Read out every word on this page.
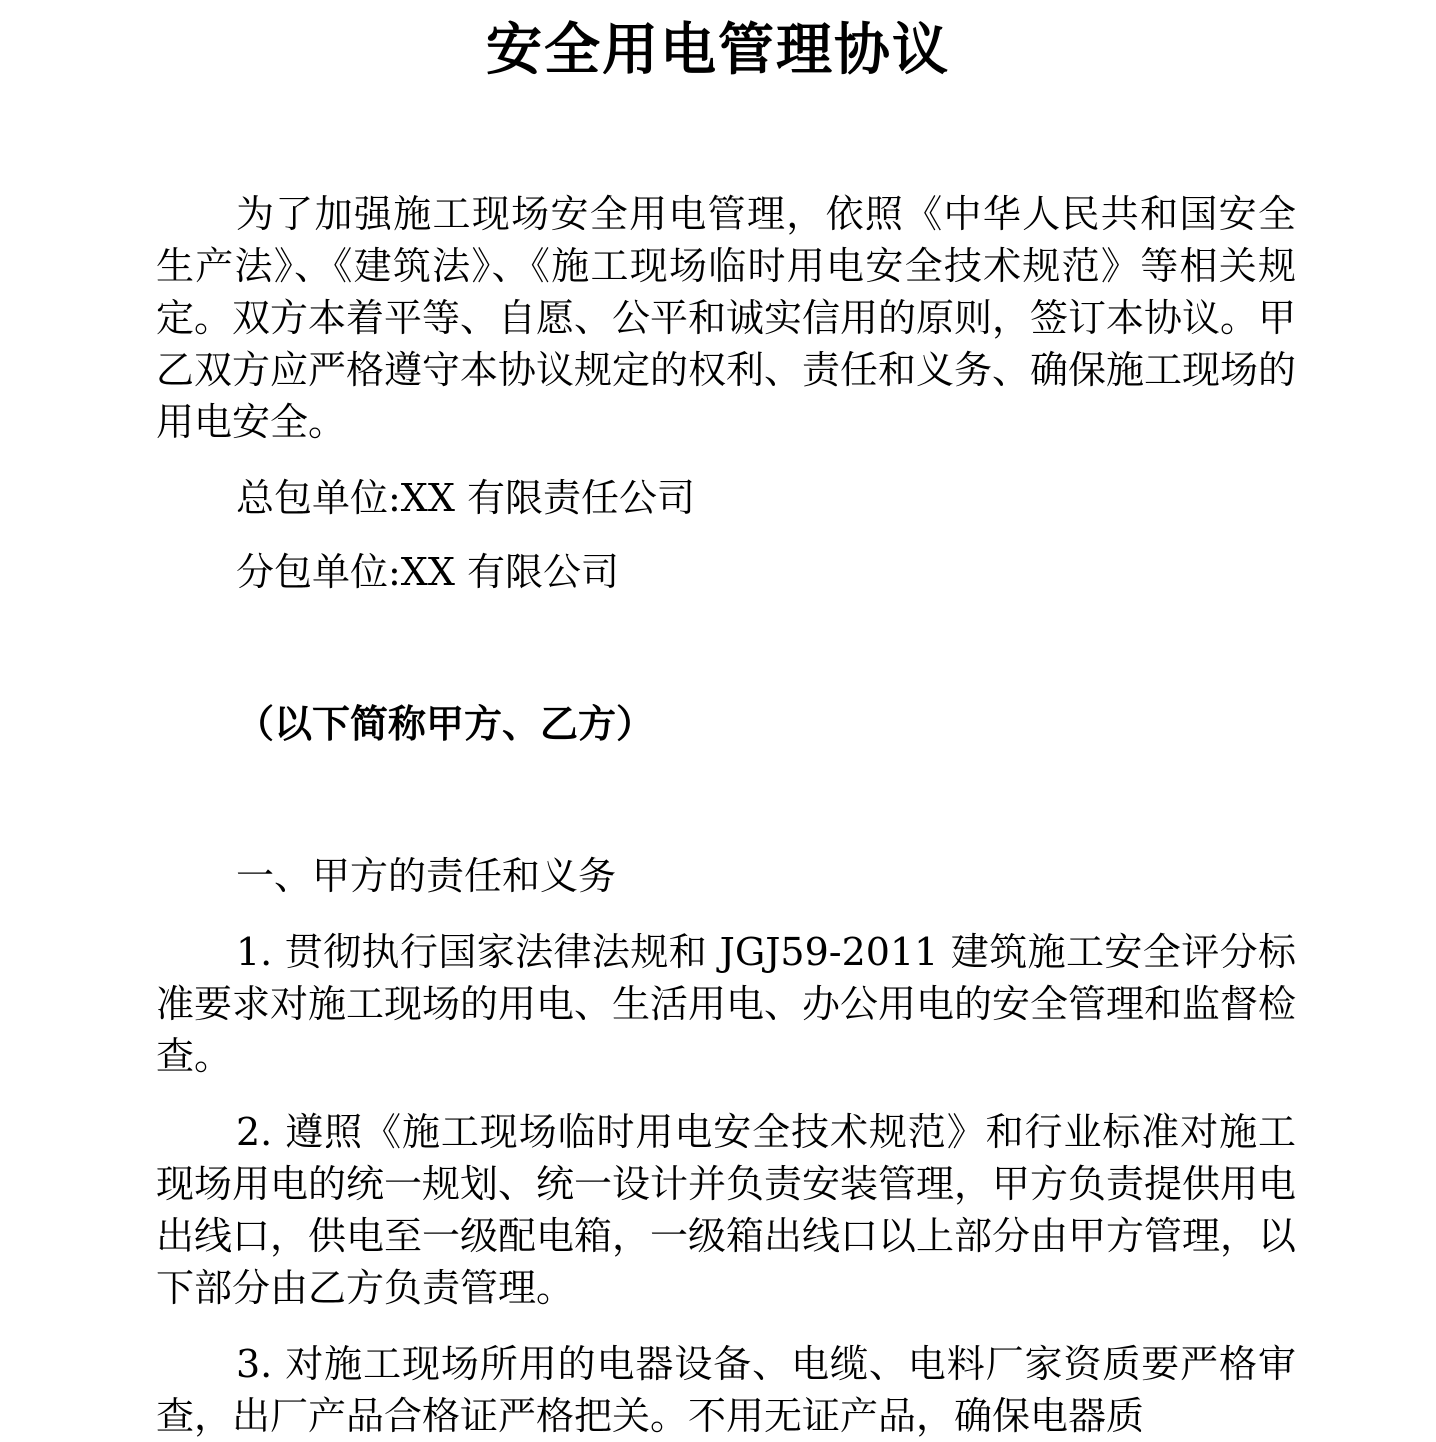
安全用电管理协议

为了加强施工现场安全用电管理，依照《中华人民共和国安全生产法》、《建筑法》、《施工现场临时用电安全技术规范》等相关规定。双方本着平等、自愿、公平和诚实信用的原则，签订本协议。甲乙双方应严格遵守本协议规定的权利、责任和义务、确保施工现场的用电安全。

总包单位:XX 有限责任公司

分包单位:XX 有限公司

（以下简称甲方、乙方）

一、甲方的责任和义务

1. 贯彻执行国家法律法规和 JGJ59-2011 建筑施工安全评分标准要求对施工现场的用电、生活用电、办公用电的安全管理和监督检查。

2. 遵照《施工现场临时用电安全技术规范》和行业标准对施工现场用电的统一规划、统一设计并负责安装管理，甲方负责提供用电出线口，供电至一级配电箱，一级箱出线口以上部分由甲方管理，以下部分由乙方负责管理。

3. 对施工现场所用的电器设备、电缆、电料厂家资质要严格审查，出厂产品合格证严格把关。不用无证产品，确保电器质
